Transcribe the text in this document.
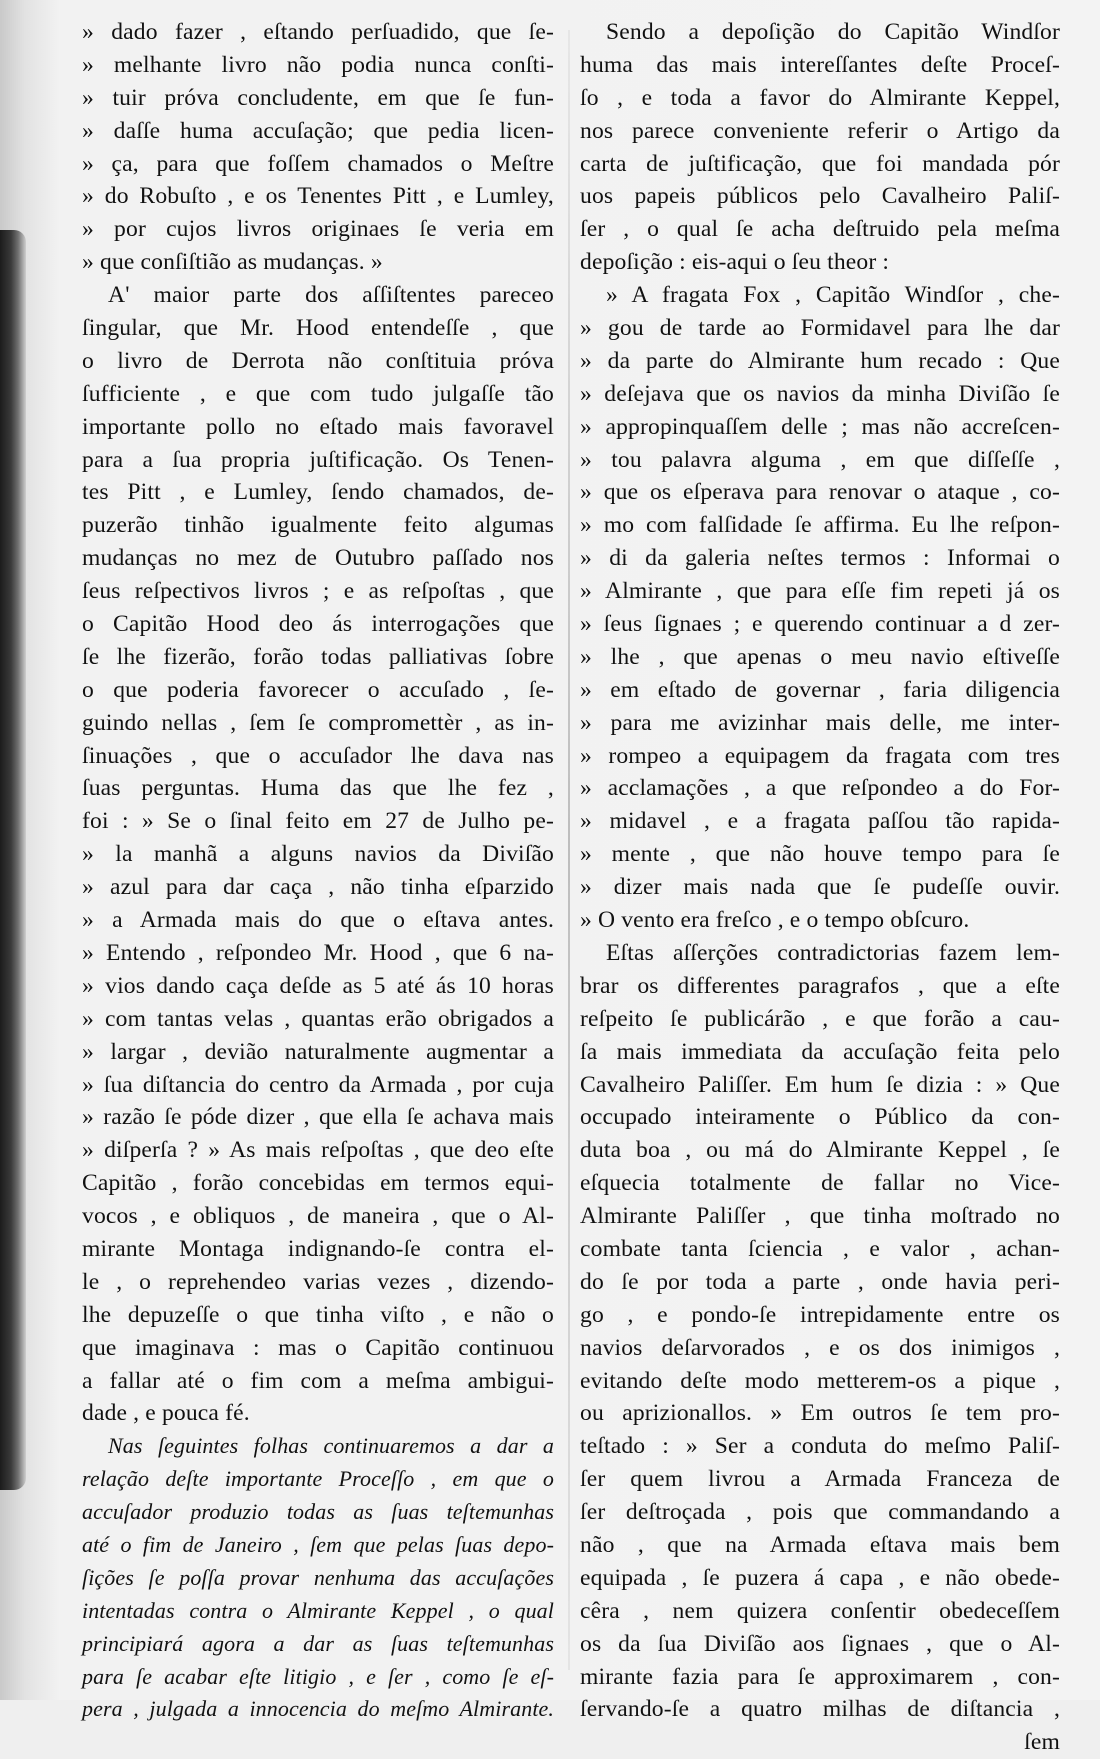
» dado fazer , eſtando perſuadido, que ſe-
» melhante livro não podia nunca conſti-
» tuir próva concludente, em que ſe fun-
» daſſe huma accuſação; que pedia licen-
» ça, para que foſſem chamados o Meſtre
» do Robuſto , e os Tenentes Pitt , e Lumley,
» por cujos livros originaes ſe veria em
» que conſiſtião as mudanças. »
A' maior parte dos aſſiſtentes pareceo
ſingular, que Mr. Hood entendeſſe , que
o livro de Derrota não conſtituia próva
ſufficiente , e que com tudo julgaſſe tão
importante pollo no eſtado mais favoravel
para a ſua propria juſtificação. Os Tenen-
tes Pitt , e Lumley, ſendo chamados, de-
puzerão tinhão igualmente feito algumas
mudanças no mez de Outubro paſſado nos
ſeus reſpectivos livros ; e as reſpoſtas , que
o Capitão Hood deo ás interrogações que
ſe lhe fizerão, forão todas palliativas ſobre
o que poderia favorecer o accuſado , ſe-
guindo nellas , ſem ſe compromettèr , as in-
ſinuações , que o accuſador lhe dava nas
ſuas perguntas. Huma das que lhe fez ,
foi : » Se o ſinal feito em 27 de Julho pe-
» la manhã a alguns navios da Diviſão
» azul para dar caça , não tinha eſparzido
» a Armada mais do que o eſtava antes.
» Entendo , reſpondeo Mr. Hood , que 6 na-
» vios dando caça deſde as 5 até ás 10 horas
» com tantas velas , quantas erão obrigados a
» largar , devião naturalmente augmentar a
» ſua diſtancia do centro da Armada , por cuja
» razão ſe póde dizer , que ella ſe achava mais
» diſperſa ? » As mais reſpoſtas , que deo eſte
Capitão , forão concebidas em termos equi-
vocos , e obliquos , de maneira , que o Al-
mirante Montaga indignando-ſe contra el-
le , o reprehendeo varias vezes , dizendo-
lhe depuzeſſe o que tinha viſto , e não o
que imaginava : mas o Capitão continuou
a fallar até o fim com a meſma ambigui-
dade , e pouca fé.
Nas ſeguintes folhas continuaremos a dar a
relação deſte importante Proceſſo , em que o
accuſador produzio todas as ſuas teſtemunhas
até o fim de Janeiro , ſem que pelas ſuas depo-
ſições ſe poſſa provar nenhuma das accuſações
intentadas contra o Almirante Keppel , o qual
principiará agora a dar as ſuas teſtemunhas
para ſe acabar eſte litigio , e ſer , como ſe eſ-
pera , julgada a innocencia do meſmo Almirante.
Sendo a depoſição do Capitão Windſor
huma das mais intereſſantes deſte Proceſ-
ſo , e toda a favor do Almirante Keppel,
nos parece conveniente referir o Artigo da
carta de juſtificação, que foi mandada pór
uos papeis públicos pelo Cavalheiro Paliſ-
ſer , o qual ſe acha deſtruido pela meſma
depoſição : eis-aqui o ſeu theor :
» A fragata Fox , Capitão Windſor , che-
» gou de tarde ao Formidavel para lhe dar
» da parte do Almirante hum recado : Que
» deſejava que os navios da minha Diviſão ſe
» appropinquaſſem delle ; mas não accreſcen-
» tou palavra alguma , em que diſſeſſe ,
» que os eſperava para renovar o ataque , co-
» mo com falſidade ſe affirma. Eu lhe reſpon-
» di da galeria neſtes termos : Informai o
» Almirante , que para eſſe fim repeti já os
» ſeus ſignaes ; e querendo continuar a d zer-
» lhe , que apenas o meu navio eſtiveſſe
» em eſtado de governar , faria diligencia
» para me avizinhar mais delle, me inter-
» rompeo a equipagem da fragata com tres
» acclamações , a que reſpondeo a do For-
» midavel , e a fragata paſſou tão rapida-
» mente , que não houve tempo para ſe
» dizer mais nada que ſe pudeſſe ouvir.
» O vento era freſco , e o tempo obſcuro.
Eſtas aſſerções contradictorias fazem lem-
brar os differentes paragrafos , que a eſte
reſpeito ſe publicárão , e que forão a cau-
ſa mais immediata da accuſação feita pelo
Cavalheiro Paliſſer. Em hum ſe dizia : » Que
occupado inteiramente o Público da con-
duta boa , ou má do Almirante Keppel , ſe
eſquecia totalmente de fallar no Vice-
Almirante Paliſſer , que tinha moſtrado no
combate tanta ſciencia , e valor , achan-
do ſe por toda a parte , onde havia peri-
go , e pondo-ſe intrepidamente entre os
navios deſarvorados , e os dos inimigos ,
evitando deſte modo metterem-os a pique ,
ou aprizionallos. » Em outros ſe tem pro-
teſtado : » Ser a conduta do meſmo Paliſ-
ſer quem livrou a Armada Franceza de
ſer deſtroçada , pois que commandando a
não , que na Armada eſtava mais bem
equipada , ſe puzera á capa , e não obede-
cêra , nem quizera conſentir obedeceſſem
os da ſua Diviſão aos ſignaes , que o Al-
mirante fazia para ſe approximarem , con-
ſervando-ſe a quatro milhas de diſtancia ,
ſem
